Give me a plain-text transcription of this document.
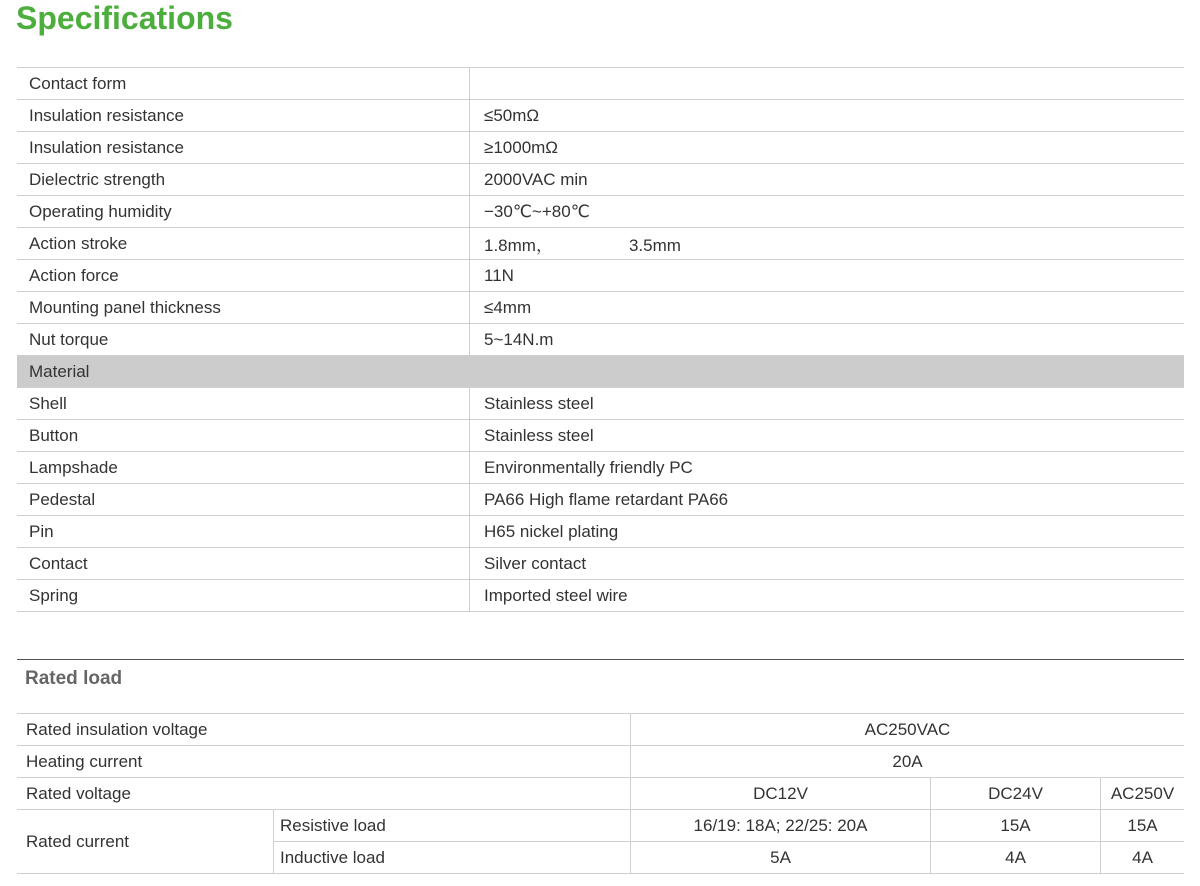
Specifications
Contact form	
Insulation resistance	≤50mΩ
Insulation resistance	≥1000mΩ
Dielectric strength	2000VAC min
Operating humidity	−30℃~+80℃
Action stroke	1.8mm， 3.5mm
Action force	11N
Mounting panel thickness	≤4mm
Nut torque	5~14N.m
Material	
Shell	Stainless steel
Button	Stainless steel
Lampshade	Environmentally friendly PC
Pedestal	PA66 High flame retardant PA66
Pin	H65 nickel plating
Contact	Silver contact
Spring	Imported steel wire
Rated load
Rated insulation voltage		AC250VAC		
Heating current		20A		
Rated voltage		DC12V	DC24V	AC250V
Rated current	Resistive load	16/19: 18A; 22/25: 20A	15A	15A
	Inductive load	5A	4A	4A
